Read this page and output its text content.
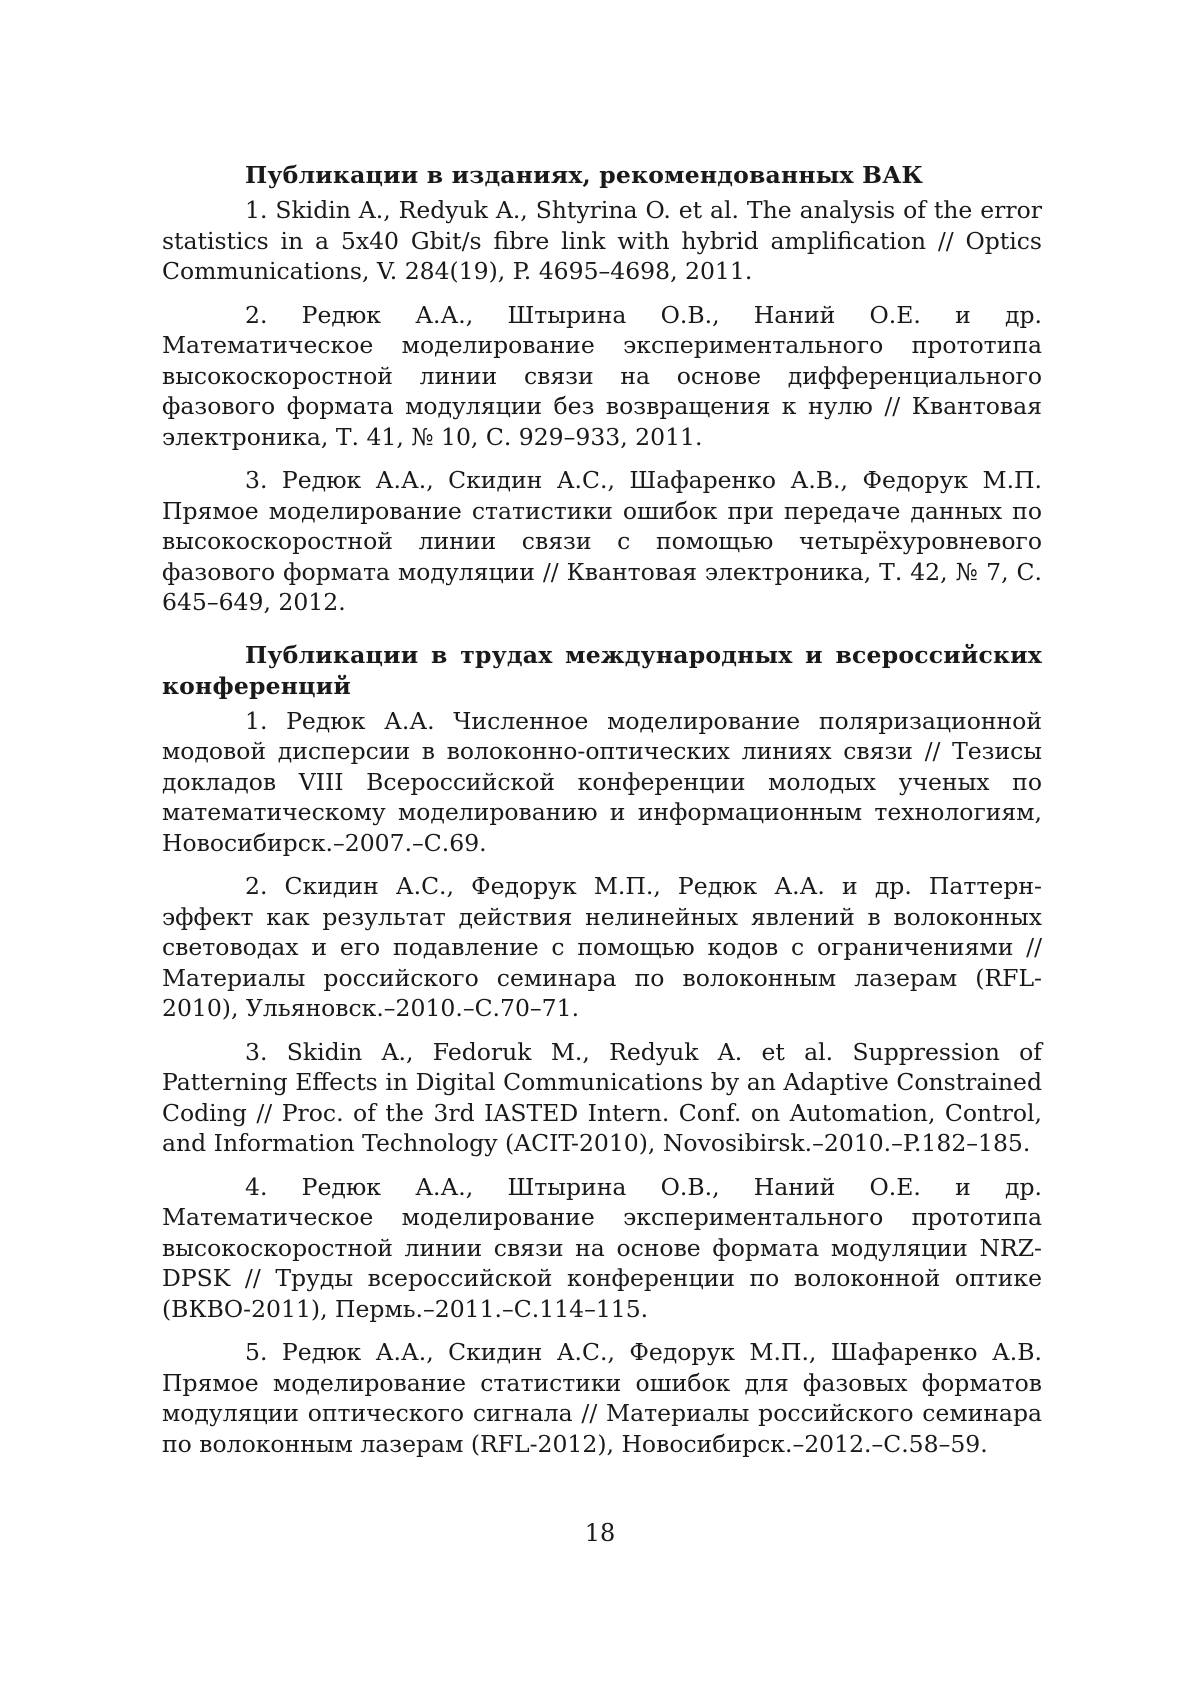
Публикации в изданиях, рекомендованных ВАК
1. Skidin A., Redyuk A., Shtyrina O. et al. The analysis of the error statistics in a 5x40 Gbit/s fibre link with hybrid amplification // Optics Communications, V. 284(19), P. 4695–4698, 2011.
2. Редюк А.А., Штырина О.В., Наний О.Е. и др. Математическое моделирование экспериментального прототипа высокоскоростной линии связи на основе дифференциального фазового формата модуляции без возвращения к нулю // Квантовая электроника, Т. 41, № 10, С. 929–933, 2011.
3. Редюк А.А., Скидин А.С., Шафаренко А.В., Федорук М.П. Прямое моделирование статистики ошибок при передаче данных по высокоскоростной линии связи с помощью четырёхуровневого фазового формата модуляции // Квантовая электроника, Т. 42, № 7, С. 645–649, 2012.
Публикации в трудах международных и всероссийских конференций
1. Редюк А.А. Численное моделирование поляризационной модовой дисперсии в волоконно-оптических линиях связи // Тезисы докладов VIII Всероссийской конференции молодых ученых по математическому моделированию и информационным технологиям, Новосибирск.–2007.–С.69.
2. Скидин А.С., Федорук М.П., Редюк А.А. и др. Паттерн-эффект как результат действия нелинейных явлений в волоконных световодах и его подавление с помощью кодов с ограничениями // Материалы российского семинара по волоконным лазерам (RFL-2010), Ульяновск.–2010.–С.70–71.
3. Skidin A., Fedoruk M., Redyuk A. et al. Suppression of Patterning Effects in Digital Communications by an Adaptive Constrained Coding // Proc. of the 3rd IASTED Intern. Conf. on Automation, Control, and Information Technology (ACIT-2010), Novosibirsk.–2010.–P.182–185.
4. Редюк А.А., Штырина О.В., Наний О.Е. и др. Математическое моделирование экспериментального прототипа высокоскоростной линии связи на основе формата модуляции NRZ-DPSK // Труды всероссийской конференции по волоконной оптике (ВКВО-2011), Пермь.–2011.–С.114–115.
5. Редюк А.А., Скидин А.С., Федорук М.П., Шафаренко А.В. Прямое моделирование статистики ошибок для фазовых форматов модуляции оптического сигнала // Материалы российского семинара по волоконным лазерам (RFL-2012), Новосибирск.–2012.–С.58–59.
18
